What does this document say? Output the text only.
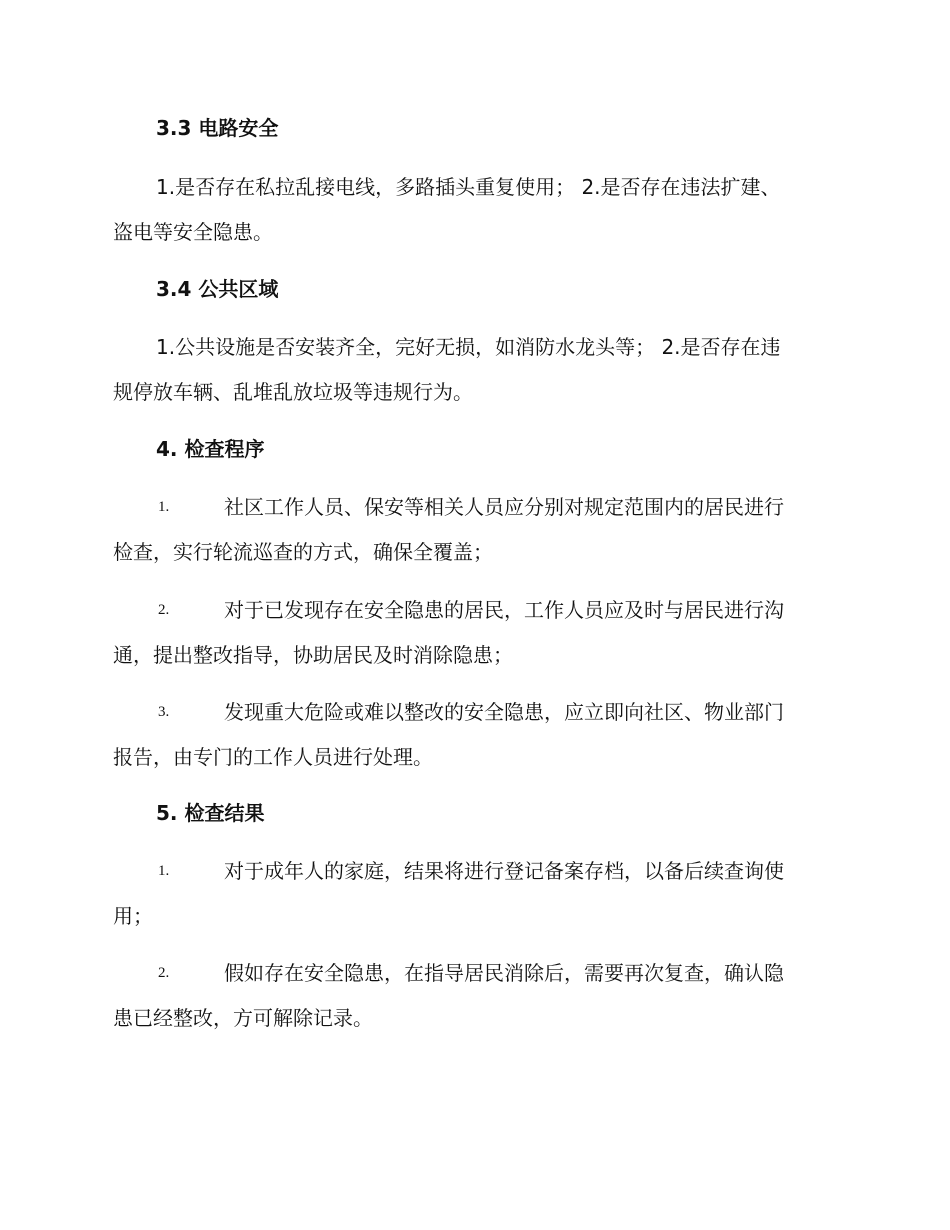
3.3 电路安全
1.是否存在私拉乱接电线，多路插头重复使用； 2.是否存在违法扩建、
盗电等安全隐患。
3.4 公共区域
1.公共设施是否安装齐全，完好无损，如消防水龙头等； 2.是否存在违
规停放车辆、乱堆乱放垃圾等违规行为。
4. 检查程序
1.	社区工作人员、保安等相关人员应分别对规定范围内的居民进行
检查，实行轮流巡查的方式，确保全覆盖；
2.	对于已发现存在安全隐患的居民，工作人员应及时与居民进行沟
通，提出整改指导，协助居民及时消除隐患；
3.	发现重大危险或难以整改的安全隐患，应立即向社区、物业部门
报告，由专门的工作人员进行处理。
5. 检查结果
1.	对于成年人的家庭，结果将进行登记备案存档，以备后续查询使
用；
2.	假如存在安全隐患，在指导居民消除后，需要再次复查，确认隐
患已经整改，方可解除记录。
